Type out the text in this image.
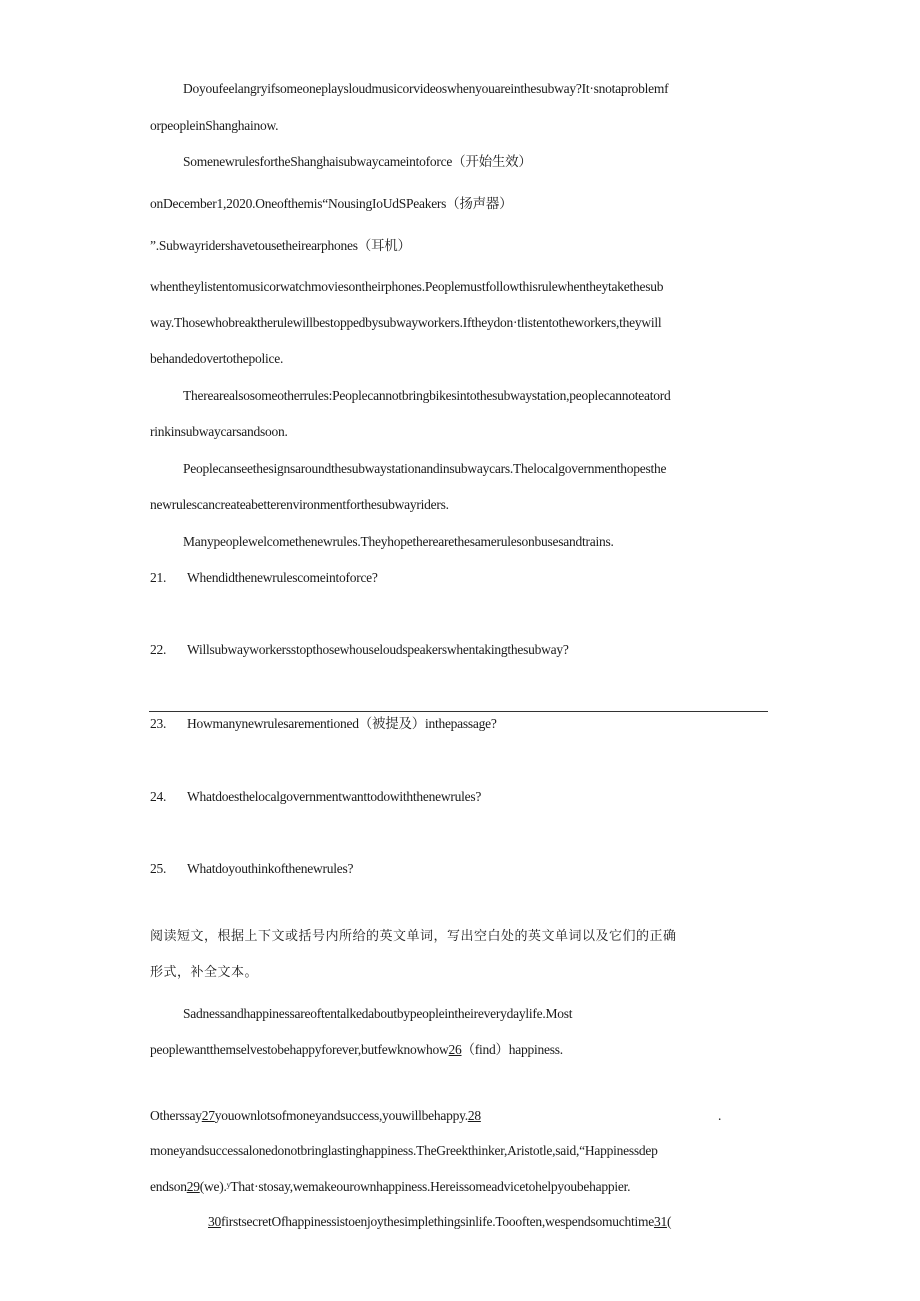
Doyoufeelangryifsomeoneplaysloudmusicorvideoswhenyouareinthesubway?It·snotaproblemf
orpeopleinShanghainow.
SomenewrulesfortheShanghaisubwaycameintoforce（开始生效）
onDecember1,2020.Oneofthemis“NousingIoUdSPeakers（扬声器）
”.Subwayridershavetousetheirearphones（耳机）
whentheylistentomusicorwatchmoviesontheirphones.Peoplemustfollowthisrulewhentheytakethesub
way.Thosewhobreaktherulewillbestoppedbysubwayworkers.Iftheydon·tlistentotheworkers,theywill
behandedovertothepolice.
Therearealsosomeotherrules:Peoplecannotbringbikesintothesubwaystation,peoplecannoteatord
rinkinsubwaycarsandsoon.
Peoplecanseethesignsaroundthesubwaystationandinsubwaycars.Thelocalgovernmenthopesthe
newrulescancreateabetterenvironmentforthesubwayriders.
Manypeoplewelcomethenewrules.Theyhopetherearethesamerulesonbusesandtrains.
21. Whendidthenewrulescomeintoforce?
22. Willsubwayworkersstopthosewhouseloudspeakerswhentakingthesubway?
23. Howmanynewrulesarementioned（被提及）inthepassage?
24. Whatdoesthelocalgovernmentwanttodowiththenewrules?
25. Whatdoyouthinkofthenewrules?
阅读短文，根据上下文或括号内所给的英文单词，写出空白处的英文单词以及它们的正确
形式，补全文本。
Sadnessandhappinessareoftentalkedaboutbypeopleintheireverydaylife.Most
peoplewantthemselvestobehappyforever,butfewknowhow26（find）happiness.
Otherssay27youownlotsofmoneyandsuccess,youwillbehappy.28	.
moneyandsuccessalonedonotbringlastinghappiness.TheGreekthinker,Aristotle,said,“Happinessdep
endson29(we).ʸThat·stosay,wemakeourownhappiness.Hereissomeadvicetohelpyoubehappier.
30firstsecretOfhappinessistoenjoythesimplethingsinlife.Toooften,wespendsomuchtime31(
